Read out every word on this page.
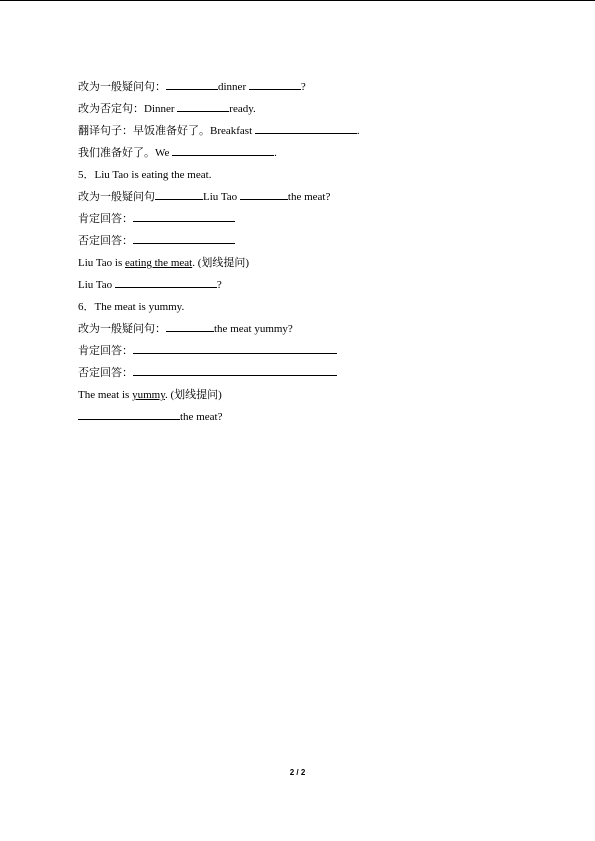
改为一般疑问句：	dinner	?
改为否定句：Dinner	ready.
翻译句子：早饭准备好了。Breakfast	.
我们准备好了。We	.
5．Liu Tao is eating the meat.
改为一般疑问句	Liu Tao	the meat?
肯定回答：
否定回答：
Liu Tao is eating the meat. (划线提问)
Liu Tao	?
6．The meat is yummy.
改为一般疑问句：	the meat yummy?
肯定回答：
否定回答：
The meat is yummy. (划线提问)
the meat?
2 / 2
